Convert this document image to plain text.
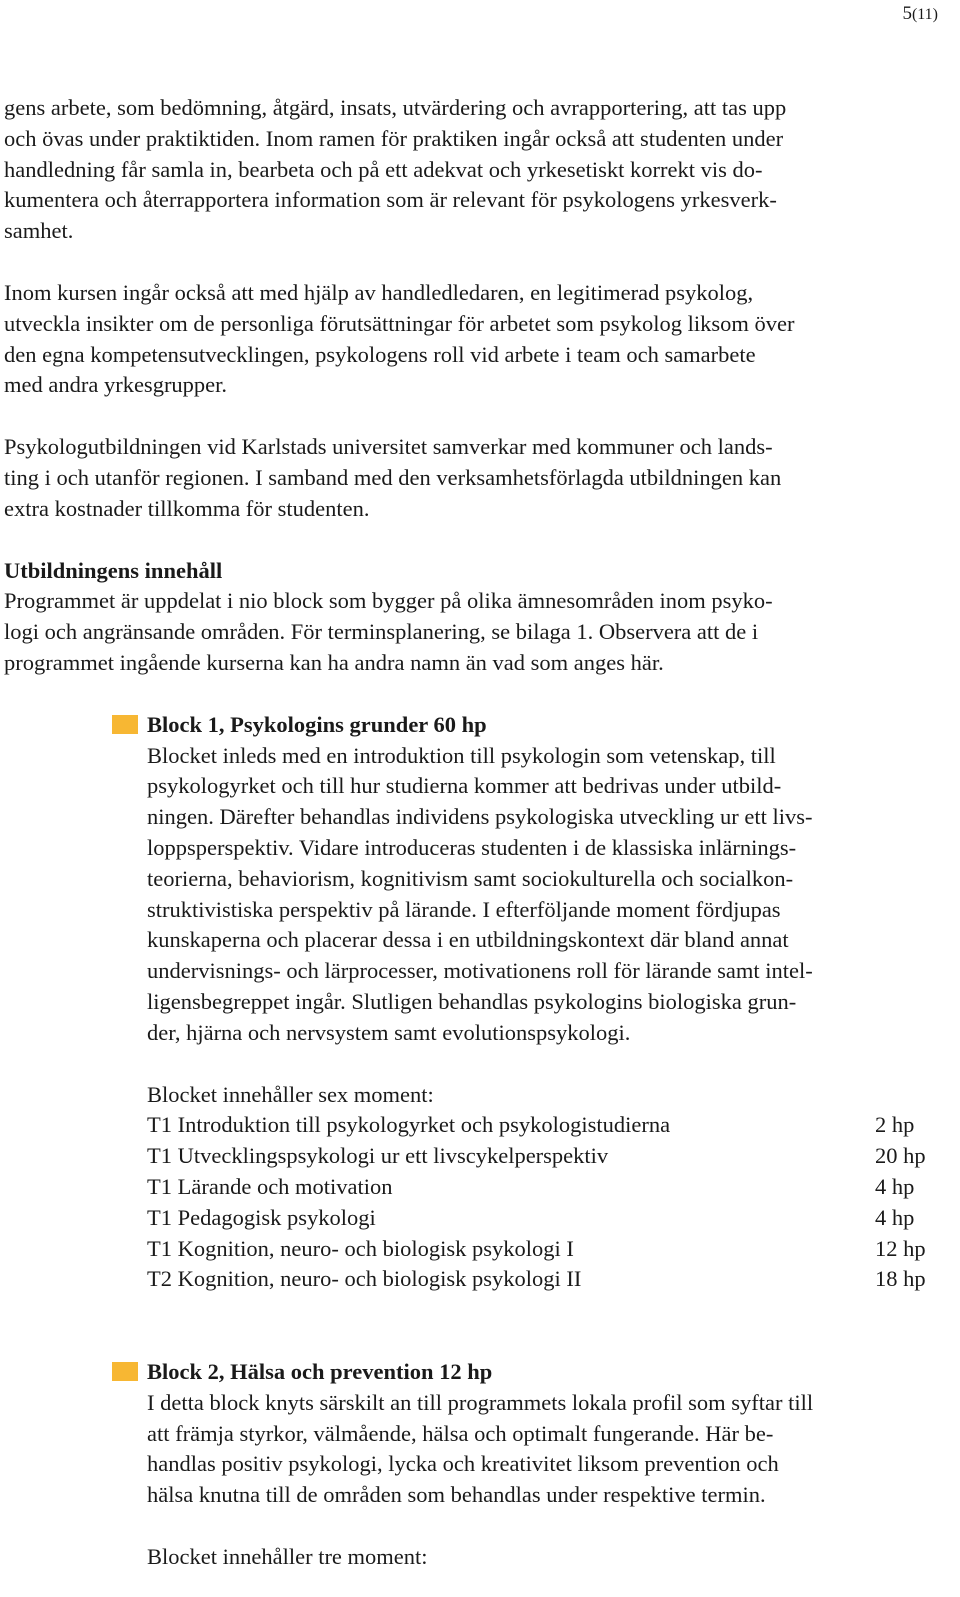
5(11)
gens arbete, som bedömning, åtgärd, insats, utvärdering och avrapportering, att tas upp
och övas under praktiktiden. Inom ramen för praktiken ingår också att studenten under
handledning får samla in, bearbeta och på ett adekvat och yrkesetiskt korrekt vis do-
kumentera och återrapportera information som är relevant för psykologens yrkesverk-
samhet.
Inom kursen ingår också att med hjälp av handledledaren, en legitimerad psykolog,
utveckla insikter om de personliga förutsättningar för arbetet som psykolog liksom över
den egna kompetensutvecklingen, psykologens roll vid arbete i team och samarbete
med andra yrkesgrupper.
Psykologutbildningen vid Karlstads universitet samverkar med kommuner och lands-
ting i och utanför regionen. I samband med den verksamhetsförlagda utbildningen kan
extra kostnader tillkomma för studenten.
Utbildningens innehåll
Programmet är uppdelat i nio block som bygger på olika ämnesområden inom psyko-
logi och angränsande områden. För terminsplanering, se bilaga 1. Observera att de i
programmet ingående kurserna kan ha andra namn än vad som anges här.
Block 1, Psykologins grunder 60 hp
Blocket inleds med en introduktion till psykologin som vetenskap, till
psykologyrket och till hur studierna kommer att bedrivas under utbild-
ningen. Därefter behandlas individens psykologiska utveckling ur ett livs-
loppsperspektiv. Vidare introduceras studenten i de klassiska inlärnings-
teorierna, behaviorism, kognitivism samt sociokulturella och socialkon-
struktivistiska perspektiv på lärande. I efterföljande moment fördjupas
kunskaperna och placerar dessa i en utbildningskontext där bland annat
undervisnings- och lärprocesser, motivationens roll för lärande samt intel-
ligensbegreppet ingår. Slutligen behandlas psykologins biologiska grun-
der, hjärna och nervsystem samt evolutionspsykologi.
Blocket innehåller sex moment:
T1 Introduktion till psykologyrket och psykologistudierna	2 hp
T1 Utvecklingspsykologi ur ett livscykelperspektiv	20 hp
T1 Lärande och motivation	4 hp
T1 Pedagogisk psykologi	4 hp
T1 Kognition, neuro- och biologisk psykologi I	12 hp
T2 Kognition, neuro- och biologisk psykologi II	18 hp
Block 2, Hälsa och prevention 12 hp
I detta block knyts särskilt an till programmets lokala profil som syftar till
att främja styrkor, välmående, hälsa och optimalt fungerande. Här be-
handlas positiv psykologi, lycka och kreativitet liksom prevention och
hälsa knutna till de områden som behandlas under respektive termin.
Blocket innehåller tre moment:
